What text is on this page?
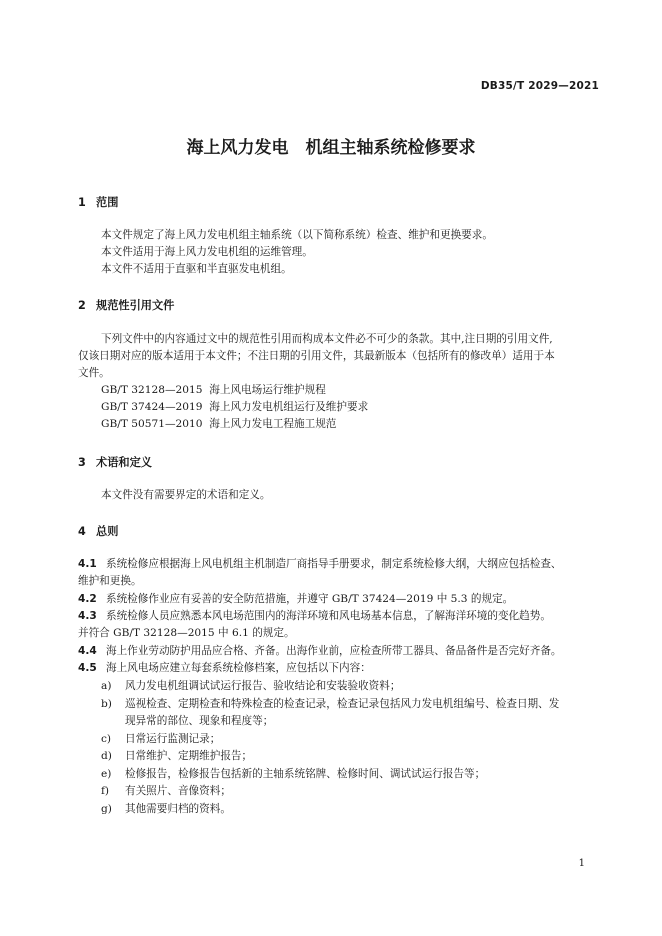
DB35/T 2029—2021
海上风力发电　机组主轴系统检修要求
1 范围
本文件规定了海上风力发电机组主轴系统（以下简称系统）检查、维护和更换要求。
本文件适用于海上风力发电机组的运维管理。
本文件不适用于直驱和半直驱发电机组。
2 规范性引用文件
下列文件中的内容通过文中的规范性引用而构成本文件必不可少的条款。其中,注日期的引用文件,
仅该日期对应的版本适用于本文件；不注日期的引用文件，其最新版本（包括所有的修改单）适用于本
文件。
GB/T 32128—2015 海上风电场运行维护规程
GB/T 37424—2019 海上风力发电机组运行及维护要求
GB/T 50571—2010 海上风力发电工程施工规范
3 术语和定义
本文件没有需要界定的术语和定义。
4 总则
4.1 系统检修应根据海上风电机组主机制造厂商指导手册要求，制定系统检修大纲，大纲应包括检查、
维护和更换。
4.2 系统检修作业应有妥善的安全防范措施，并遵守 GB/T 37424—2019 中 5.3 的规定。
4.3 系统检修人员应熟悉本风电场范围内的海洋环境和风电场基本信息，了解海洋环境的变化趋势。
并符合 GB/T 32128—2015 中 6.1 的规定。
4.4 海上作业劳动防护用品应合格、齐备。出海作业前，应检查所带工器具、备品备件是否完好齐备。
4.5 海上风电场应建立每套系统检修档案，应包括以下内容：
a) 风力发电机组调试试运行报告、验收结论和安装验收资料；
b) 巡视检查、定期检查和特殊检查的检查记录，检查记录包括风力发电机组编号、检查日期、发
现异常的部位、现象和程度等；
c) 日常运行监测记录；
d) 日常维护、定期维护报告；
e) 检修报告，检修报告包括新的主轴系统铭牌、检修时间、调试试运行报告等；
f) 有关照片、音像资料；
g) 其他需要归档的资料。
1
